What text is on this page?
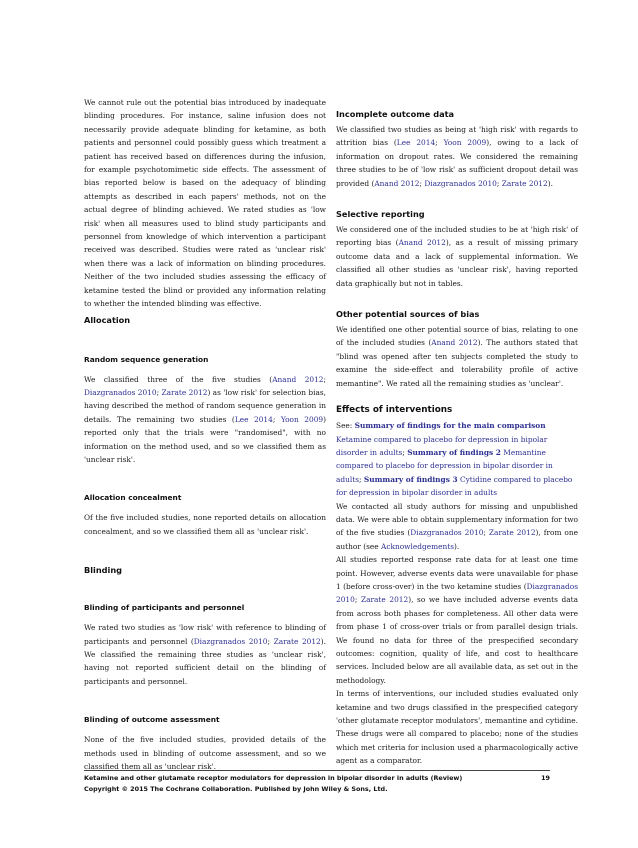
We cannot rule out the potential bias introduced by inadequate blinding procedures. For instance, saline infusion does not necessarily provide adequate blinding for ketamine, as both patients and personnel could possibly guess which treatment a patient has received based on differences during the infusion, for example psychotomimetic side effects. The assessment of bias reported below is based on the adequacy of blinding attempts as described in each papers' methods, not on the actual degree of blinding achieved. We rated studies as 'low risk' when all measures used to blind study participants and personnel from knowledge of which intervention a participant received was described. Studies were rated as 'unclear risk' when there was a lack of information on blinding procedures. Neither of the two included studies assessing the efficacy of ketamine tested the blind or provided any information relating to whether the intended blinding was effective.

Allocation
Random sequence generation

We classified three of the five studies (Anand 2012; Diazgranados 2010; Zarate 2012) as 'low risk' for selection bias, having described the method of random sequence generation in details. The remaining two studies (Lee 2014; Yoon 2009) reported only that the trials were "randomised", with no information on the method used, and so we classified them as 'unclear risk'.

Allocation concealment

Of the five included studies, none reported details on allocation concealment, and so we classified them all as 'unclear risk'.

Blinding
Blinding of participants and personnel

We rated two studies as 'low risk' with reference to blinding of participants and personnel (Diazgranados 2010; Zarate 2012). We classified the remaining three studies as 'unclear risk', having not reported sufficient detail on the blinding of participants and personnel.

Blinding of outcome assessment

None of the five included studies, provided details of the methods used in blinding of outcome assessment, and so we classified them all as 'unclear risk'.

Incomplete outcome data

We classified two studies as being at 'high risk' with regards to attrition bias (Lee 2014; Yoon 2009), owing to a lack of information on dropout rates. We considered the remaining three studies to be of 'low risk' as sufficient dropout detail was provided (Anand 2012; Diazgranados 2010; Zarate 2012).

Selective reporting

We considered one of the included studies to be at 'high risk' of reporting bias (Anand 2012), as a result of missing primary outcome data and a lack of supplemental information. We classified all other studies as 'unclear risk', having reported data graphically but not in tables.

Other potential sources of bias

We identified one other potential source of bias, relating to one of the included studies (Anand 2012). The authors stated that "blind was opened after ten subjects completed the study to examine the side-effect and tolerability profile of active memantine". We rated all the remaining studies as 'unclear'.

Effects of interventions

See: Summary of findings for the main comparison Ketamine compared to placebo for depression in bipolar disorder in adults; Summary of findings 2 Memantine compared to placebo for depression in bipolar disorder in adults; Summary of findings 3 Cytidine compared to placebo for depression in bipolar disorder in adults

We contacted all study authors for missing and unpublished data. We were able to obtain supplementary information for two of the five studies (Diazgranados 2010; Zarate 2012), from one author (see Acknowledgements).

All studies reported response rate data for at least one time point. However, adverse events data were unavailable for phase 1 (before cross-over) in the two ketamine studies (Diazgranados 2010; Zarate 2012), so we have included adverse events data from across both phases for completeness. All other data were from phase 1 of cross-over trials or from parallel design trials. We found no data for three of the prespecified secondary outcomes: cognition, quality of life, and cost to healthcare services. Included below are all available data, as set out in the methodology.

In terms of interventions, our included studies evaluated only ketamine and two drugs classified in the prespecified category 'other glutamate receptor modulators', memantine and cytidine. These drugs were all compared to placebo; none of the studies which met criteria for inclusion used a pharmacologically active agent as a comparator.

Ketamine and other glutamate receptor modulators for depression in bipolar disorder in adults (Review)	19
Copyright © 2015 The Cochrane Collaboration. Published by John Wiley & Sons, Ltd.
